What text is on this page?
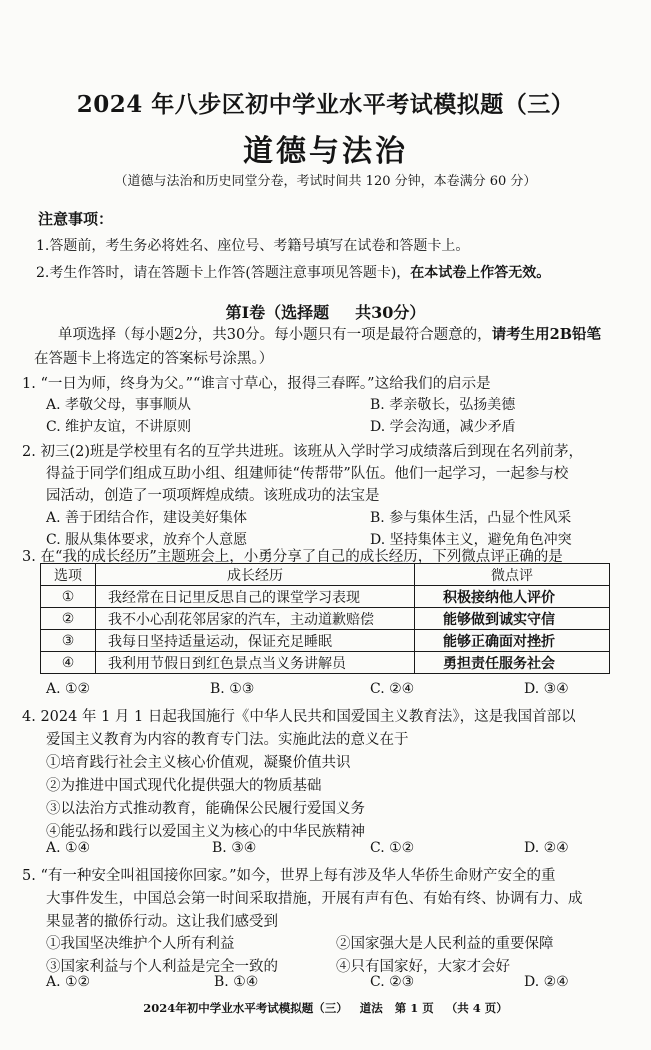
2024 年八步区初中学业水平考试模拟题（三）
道德与法治
（道德与法治和历史同堂分卷，考试时间共 120 分钟，本卷满分 60 分）
注意事项：
1.答题前，考生务必将姓名、座位号、考籍号填写在试卷和答题卡上。
2.考生作答时，请在答题卡上作答(答题注意事项见答题卡)，在本试卷上作答无效。
第Ⅰ卷（选择题 共30分）
单项选择（每小题2分，共30分。每小题只有一项是最符合题意的，请考生用2B铅笔
在答题卡上将选定的答案标号涂黑。）
1. “一日为师，终身为父。”“谁言寸草心，报得三春晖。”这给我们的启示是
A. 孝敬父母，事事顺从	B. 孝亲敬长，弘扬美德
C. 维护友谊，不讲原则	D. 学会沟通，减少矛盾
2. 初三(2)班是学校里有名的互学共进班。该班从入学时学习成绩落后到现在名列前茅，
得益于同学们组成互助小组、组建师徒“传帮带”队伍。他们一起学习，一起参与校
园活动，创造了一项项辉煌成绩。该班成功的法宝是
A. 善于团结合作，建设美好集体	B. 参与集体生活，凸显个性风采
C. 服从集体要求，放弃个人意愿	D. 坚持集体主义，避免角色冲突
3. 在“我的成长经历”主题班会上，小勇分享了自己的成长经历，下列微点评正确的是
选项	成长经历	微点评
①	我经常在日记里反思自己的课堂学习表现	积极接纳他人评价
②	我不小心刮花邻居家的汽车，主动道歉赔偿	能够做到诚实守信
③	我每日坚持适量运动，保证充足睡眠	能够正确面对挫折
④	我利用节假日到红色景点当义务讲解员	勇担责任服务社会
A. ①②	B. ①③	C. ②④	D. ③④
4. 2024 年 1 月 1 日起我国施行《中华人民共和国爱国主义教育法》，这是我国首部以
爱国主义教育为内容的教育专门法。实施此法的意义在于
①培育践行社会主义核心价值观，凝聚价值共识
②为推进中国式现代化提供强大的物质基础
③以法治方式推动教育，能确保公民履行爱国义务
④能弘扬和践行以爱国主义为核心的中华民族精神
A. ①④	B. ③④	C. ①②	D. ②④
5. “有一种安全叫祖国接你回家。”如今，世界上每有涉及华人华侨生命财产安全的重
大事件发生，中国总会第一时间采取措施，开展有声有色、有始有终、协调有力、成
果显著的撤侨行动。这让我们感受到
①我国坚决维护个人所有利益	②国家强大是人民利益的重要保障
③国家利益与个人利益是完全一致的	④只有国家好，大家才会好
A. ①②	B. ①④	C. ②③	D. ②④
2024年初中学业水平考试模拟题（三） 道法 第 1 页 （共 4 页）
